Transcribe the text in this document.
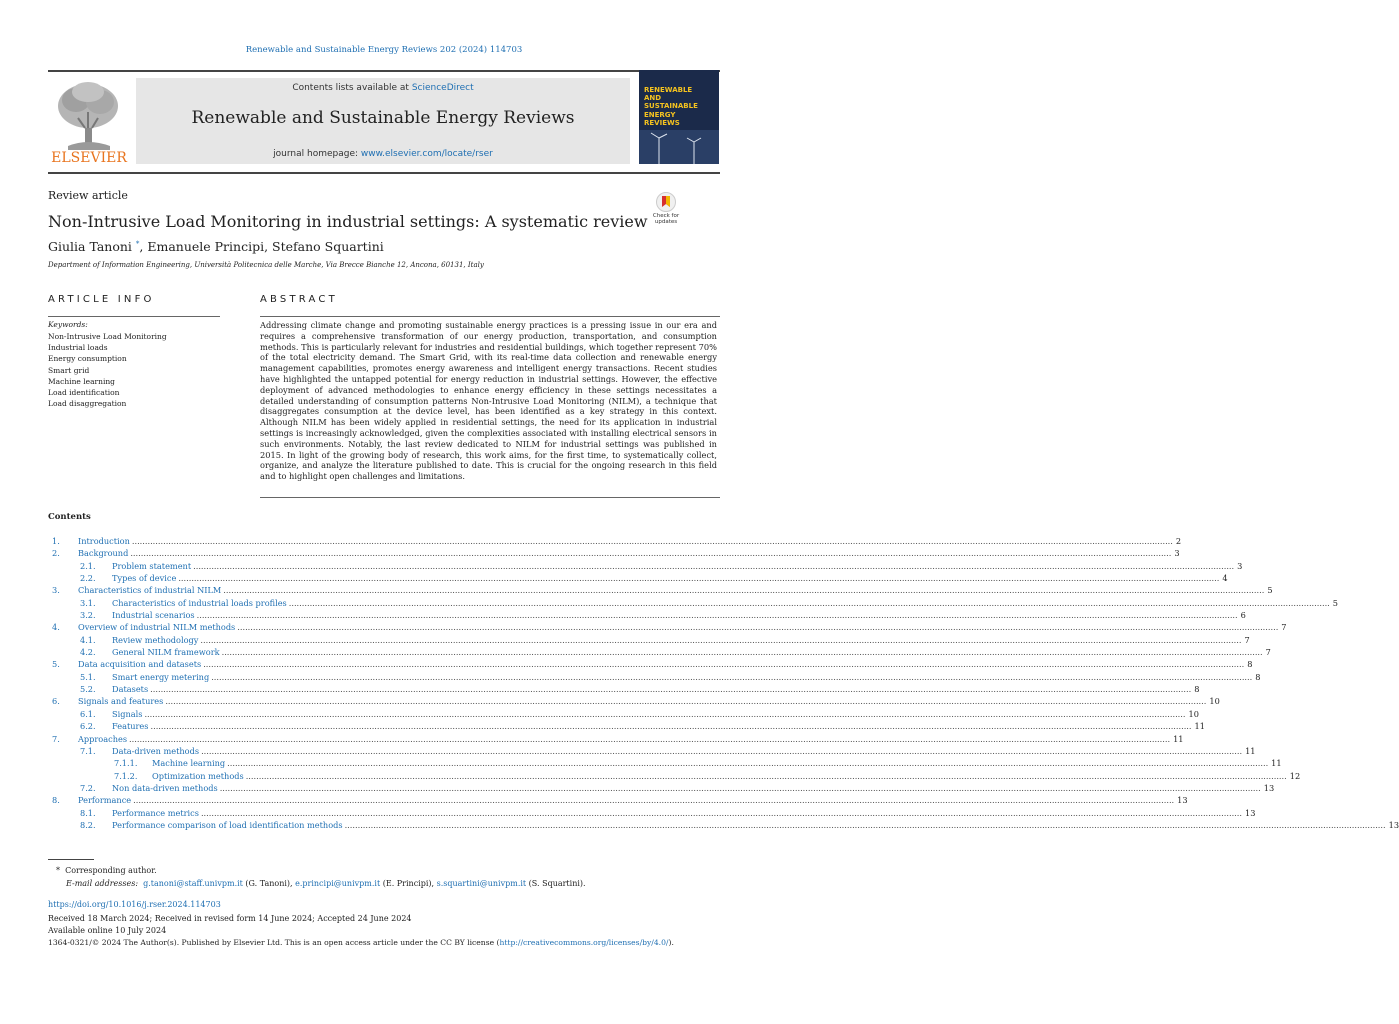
Renewable and Sustainable Energy Reviews 202 (2024) 114703
ELSEVIER
Contents lists available at ScienceDirect
Renewable and Sustainable Energy Reviews
journal homepage: www.elsevier.com/locate/rser
RENEWABLE
AND
SUSTAINABLE
ENERGY
REVIEWS
Review article
Non-Intrusive Load Monitoring in industrial settings: A systematic review
Giulia Tanoni *, Emanuele Principi, Stefano Squartini
Department of Information Engineering, Università Politecnica delle Marche, Via Brecce Bianche 12, Ancona, 60131, Italy
Check for updates
ARTICLE INFO	ABSTRACT
Keywords:
Non-Intrusive Load Monitoring
Industrial loads
Energy consumption
Smart grid
Machine learning
Load identification
Load disaggregation
Addressing climate change and promoting sustainable energy practices is a pressing issue in our era and requires a comprehensive transformation of our energy production, transportation, and consumption methods. This is particularly relevant for industries and residential buildings, which together represent 70% of the total electricity demand. The Smart Grid, with its real-time data collection and renewable energy management capabilities, promotes energy awareness and intelligent energy transactions. Recent studies have highlighted the untapped potential for energy reduction in industrial settings. However, the effective deployment of advanced methodologies to enhance energy efficiency in these settings necessitates a detailed understanding of consumption patterns Non-Intrusive Load Monitoring (NILM), a technique that disaggregates consumption at the device level, has been identified as a key strategy in this context. Although NILM has been widely applied in residential settings, the need for its application in industrial settings is increasingly acknowledged, given the complexities associated with installing electrical sensors in such environments. Notably, the last review dedicated to NILM for industrial settings was published in 2015. In light of the growing body of research, this work aims, for the first time, to systematically collect, organize, and analyze the literature published to date. This is crucial for the ongoing research in this field and to highlight open challenges and limitations.
Contents
1. Introduction ................................................................................................................................................................................................................................................................................................................................................................................................................ 2
2. Background ................................................................................................................................................................................................................................................................................................................................................................................................................ 3
2.1. Problem statement ................................................................................................................................................................................................................................................................................................................................................................................................................ 3
2.2. Types of device ................................................................................................................................................................................................................................................................................................................................................................................................................ 4
3. Characteristics of industrial NILM ................................................................................................................................................................................................................................................................................................................................................................................................................ 5
3.1. Characteristics of industrial loads profiles ................................................................................................................................................................................................................................................................................................................................................................................................................ 5
3.2. Industrial scenarios ................................................................................................................................................................................................................................................................................................................................................................................................................ 6
4. Overview of industrial NILM methods ................................................................................................................................................................................................................................................................................................................................................................................................................ 7
4.1. Review methodology ................................................................................................................................................................................................................................................................................................................................................................................................................ 7
4.2. General NILM framework ................................................................................................................................................................................................................................................................................................................................................................................................................ 7
5. Data acquisition and datasets ................................................................................................................................................................................................................................................................................................................................................................................................................ 8
5.1. Smart energy metering ................................................................................................................................................................................................................................................................................................................................................................................................................ 8
5.2. Datasets ................................................................................................................................................................................................................................................................................................................................................................................................................ 8
6. Signals and features ................................................................................................................................................................................................................................................................................................................................................................................................................ 10
6.1. Signals ................................................................................................................................................................................................................................................................................................................................................................................................................ 10
6.2. Features ................................................................................................................................................................................................................................................................................................................................................................................................................ 11
7. Approaches ................................................................................................................................................................................................................................................................................................................................................................................................................ 11
7.1. Data-driven methods ................................................................................................................................................................................................................................................................................................................................................................................................................ 11
7.1.1. Machine learning ................................................................................................................................................................................................................................................................................................................................................................................................................ 11
7.1.2. Optimization methods ................................................................................................................................................................................................................................................................................................................................................................................................................ 12
7.2. Non data-driven methods ................................................................................................................................................................................................................................................................................................................................................................................................................ 13
8. Performance ................................................................................................................................................................................................................................................................................................................................................................................................................ 13
8.1. Performance metrics ................................................................................................................................................................................................................................................................................................................................................................................................................ 13
8.2. Performance comparison of load identification methods ................................................................................................................................................................................................................................................................................................................................................................................................................ 13
* Corresponding author.
E-mail addresses: g.tanoni@staff.univpm.it (G. Tanoni), e.principi@univpm.it (E. Principi), s.squartini@univpm.it (S. Squartini).
https://doi.org/10.1016/j.rser.2024.114703
Received 18 March 2024; Received in revised form 14 June 2024; Accepted 24 June 2024
Available online 10 July 2024
1364-0321/© 2024 The Author(s). Published by Elsevier Ltd. This is an open access article under the CC BY license (http://creativecommons.org/licenses/by/4.0/).
